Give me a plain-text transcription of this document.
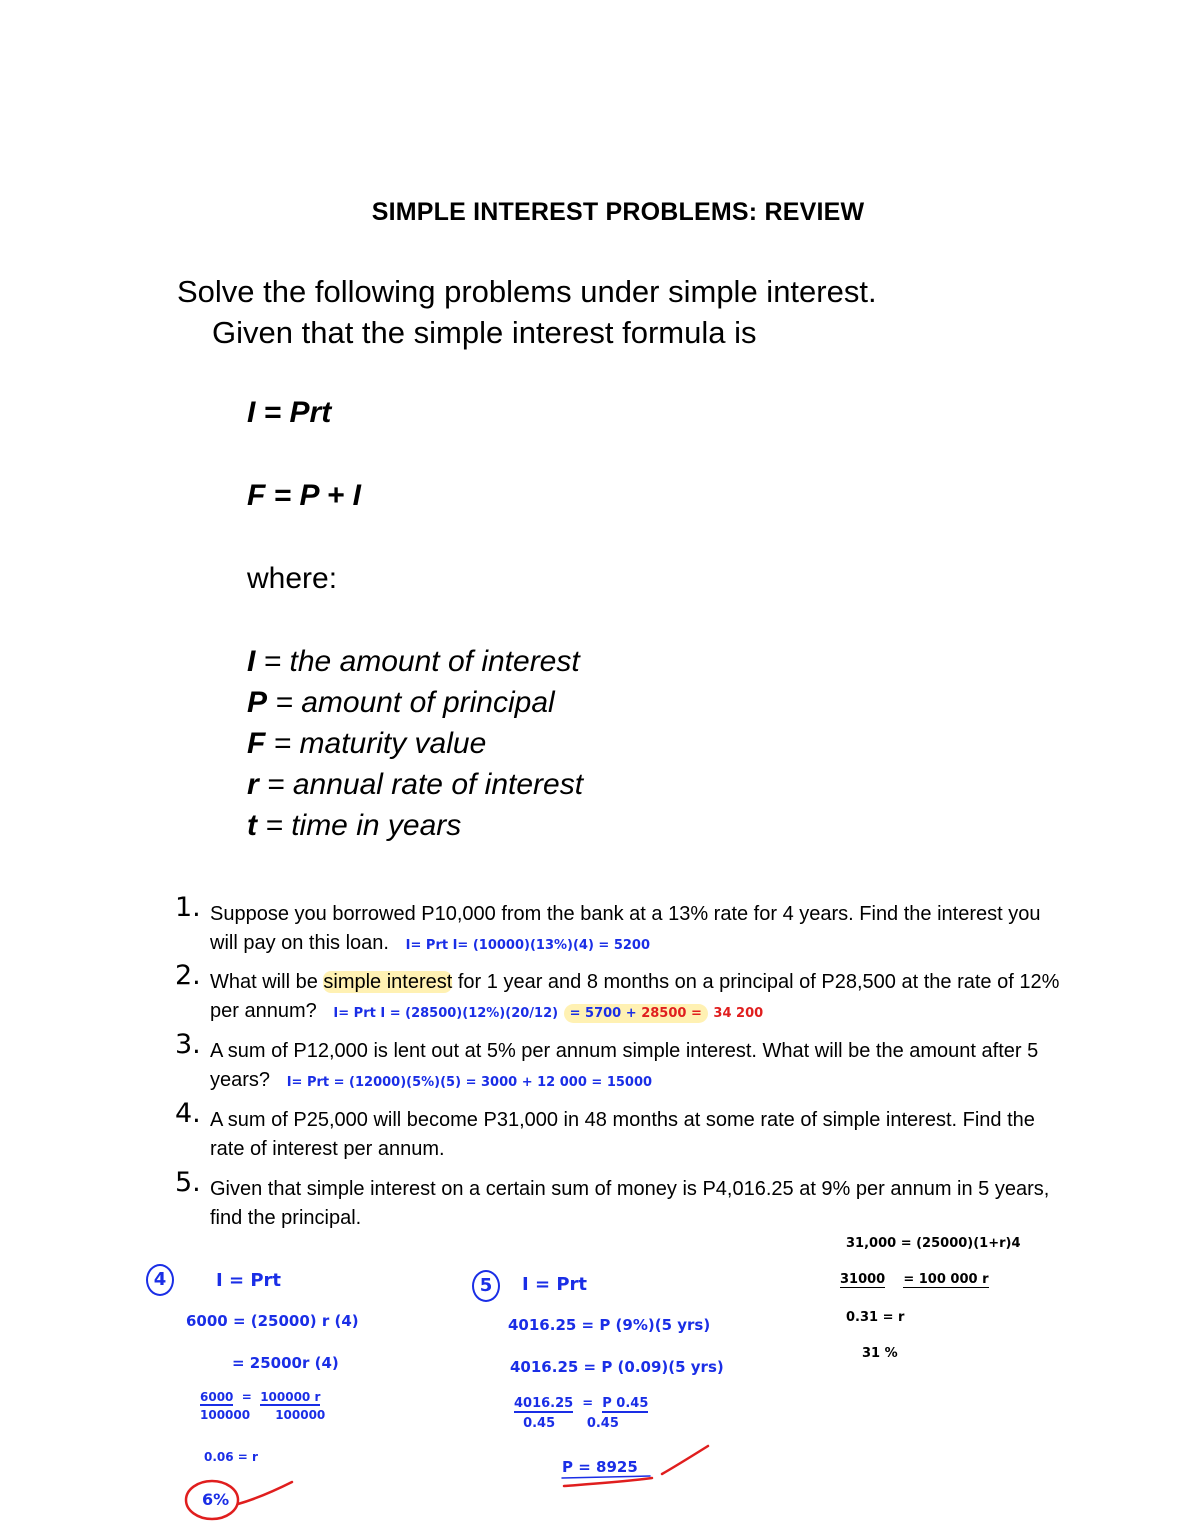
SIMPLE INTEREST PROBLEMS: REVIEW
Solve the following problems under simple interest.
Given that the simple interest formula is
I = Prt
F = P + I
where:
I = the amount of interest
P = amount of principal
F = maturity value
r = annual rate of interest
t = time in years
1. Suppose you borrowed P10,000 from the bank at a 13% rate for 4 years. Find the interest you will pay on this loan. I= Prt I= (10000)(13%)(4) = 5200
2. What will be simple interest for 1 year and 8 months on a principal of P28,500 at the rate of 12% per annum? I= Prt I = (28500)(12%)(20/12) = 5700 + 28500 = 34 200
3. A sum of P12,000 is lent out at 5% per annum simple interest. What will be the amount after 5 years? I= Prt = (12000)(5%)(5) = 3000 + 12 000 = 15000
4. A sum of P25,000 will become P31,000 in 48 months at some rate of simple interest. Find the rate of interest per annum.
5. Given that simple interest on a certain sum of money is P4,016.25 at 9% per annum in 5 years, find the principal.
4	I = Prt
6000 = (25000) r (4)
= 25000r (4)
6000 = 100000 r
100000 100000
0.06 = r
6%
5	I = Prt
4016.25 = P (9%)(5 yrs)
4016.25 = P (0.09)(5 yrs)
4016.25 = P 0.45
0.45 0.45
P = 8925
31,000 = (25000)(1+r)4
31000 = 100 000 r
0.31 = r
31 %
